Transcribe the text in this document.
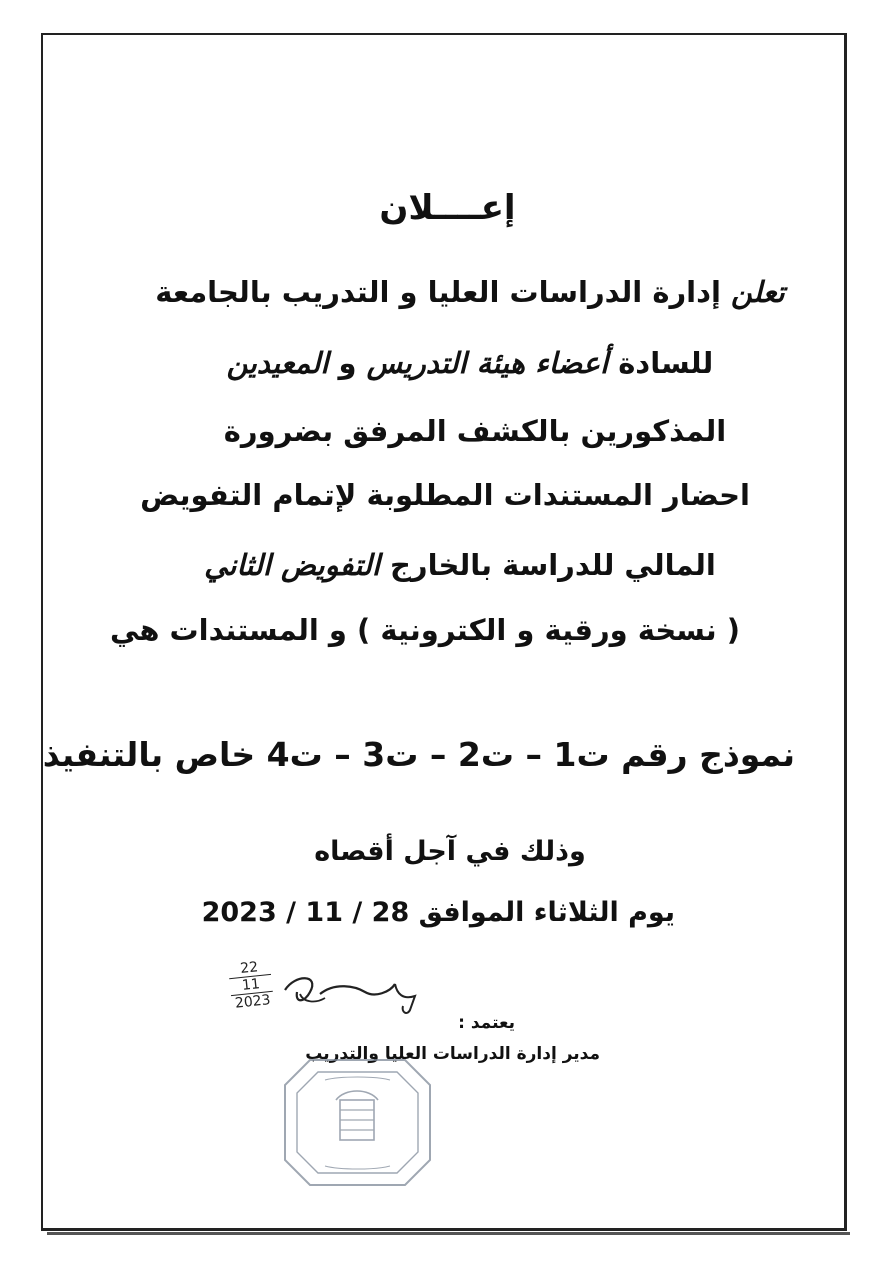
إعــــلان
تعلن إدارة الدراسات العليا و التدريب بالجامعة
للسادة أعضاء هيئة التدريس و المعيدين
المذكورين بالكشف المرفق بضرورة
احضار المستندات المطلوبة لإتمام التفويض
المالي للدراسة بالخارج التفويض الثاني
( نسخة ورقية و الكترونية ) و المستندات هي
نموذج رقم ت1 – ت2 – ت3 – ت4 خاص بالتنفيذ
وذلك في آجل أقصاه
يوم الثلاثاء الموافق 28 / 11 / 2023
22
11
2023
يعتمد :
مدير إدارة الدراسات العليا والتدريب
